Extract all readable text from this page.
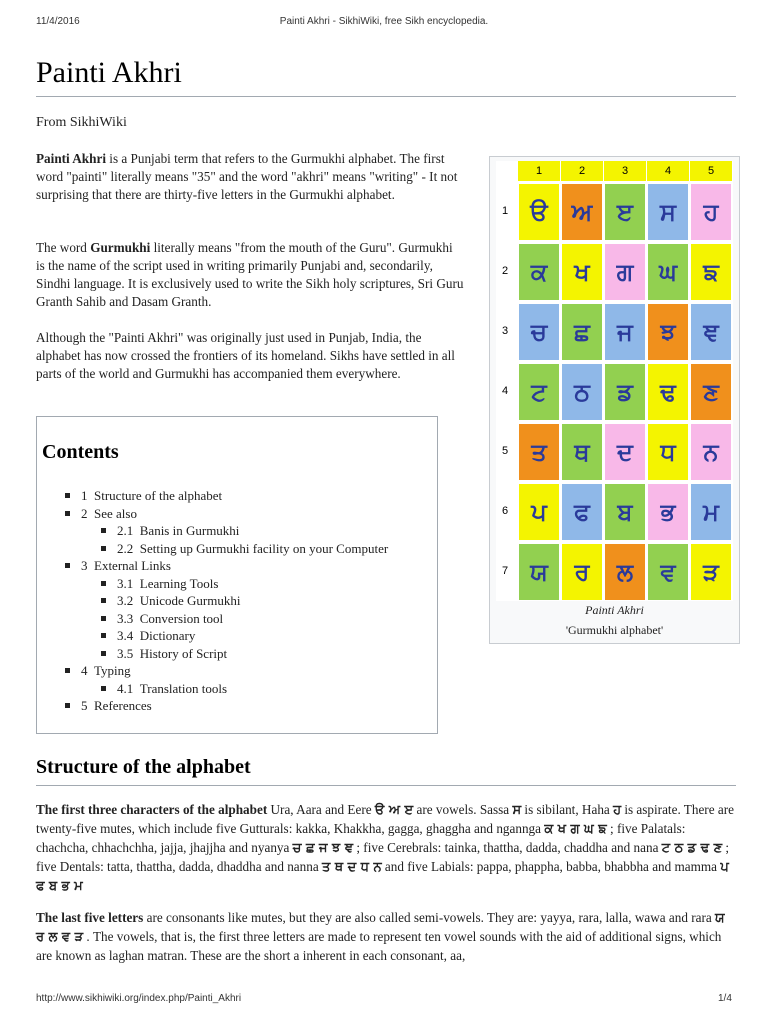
11/4/2016	Painti Akhri - SikhiWiki, free Sikh encyclopedia.
http://www.sikhiwiki.org/index.php/Painti_Akhri	1/4
Painti Akhri
From SikhiWiki

Painti Akhri is a Punjabi term that refers to the Gurmukhi alphabet. The first word "painti" literally means "35" and the word "akhri" means "writing" - It not surprising that there are thirty-five letters in the Gurmukhi alphabet.

The word Gurmukhi literally means "from the mouth of the Guru". Gurmukhi is the name of the script used in writing primarily Punjabi and, secondarily, Sindhi language. It is exclusively used to write the Sikh holy scriptures, Sri Guru Granth Sahib and Dasam Granth.

Although the "Painti Akhri" was originally just used in Punjab, India, the alphabet has now crossed the frontiers of its homeland. Sikhs have settled in all parts of the world and Gurmukhi has accompanied them everywhere.

Contents
1 Structure of the alphabet
2 See also
2.1 Banis in Gurmukhi
2.2 Setting up Gurmukhi facility on your Computer
3 External Links
3.1 Learning Tools
3.2 Unicode Gurmukhi
3.3 Conversion tool
3.4 Dictionary
3.5 History of Script
4 Typing
4.1 Translation tools
5 References
1	2	3	4	5
1
2
3
4
5
6
7
ੳ ਅ	ੲ	ਸ	ਹ
ਕ	ਖ	ਗ	ਘ	ਙ
ਚ	ਛ	ਜ	ਝ	ਞ
ਟ	ਠ	ਡ	ਢ	ਣ
ਤ	ਥ	ਦ	ਧ	ਨ
ਪ	ਫ	ਬ	ਭ	ਮ
ਯ	ਰ	ਲ	ਵ	ੜ
Painti Akhri
'Gurmukhi alphabet'
Structure of the alphabet

The first three characters of the alphabet Ura, Aara and Eere ੳ ਅ ੲ are vowels. Sassa ਸ is sibilant, Haha ਹ is aspirate. There are twenty-five mutes, which include five Gutturals: kakka, Khakkha, gagga, ghaggha and ngannga ਕ ਖ ਗ ਘ ਙ ; five Palatals: chachcha, chhachchha, jajja, jhajjha and nyanya ਚ ਛ ਜ ਝ ਞ ; five Cerebrals: tainka, thattha, dadda, chaddha and nana ਟ ਠ ਡ ਢ ਣ ; five Dentals: tatta, thattha, dadda, dhaddha and nanna ਤ ਥ ਦ ਧ ਨ and five Labials: pappa, phappha, babba, bhabbha and mamma ਪ ਫ ਬ ਭ ਮ

The last five letters are consonants like mutes, but they are also called semi-vowels. They are: yayya, rara, lalla, wawa and rara ਯ ਰ ਲ ਵ ੜ . The vowels, that is, the first three letters are made to represent ten vowel sounds with the aid of additional signs, which are known as laghan matran. These are the short a inherent in each consonant, aa,
